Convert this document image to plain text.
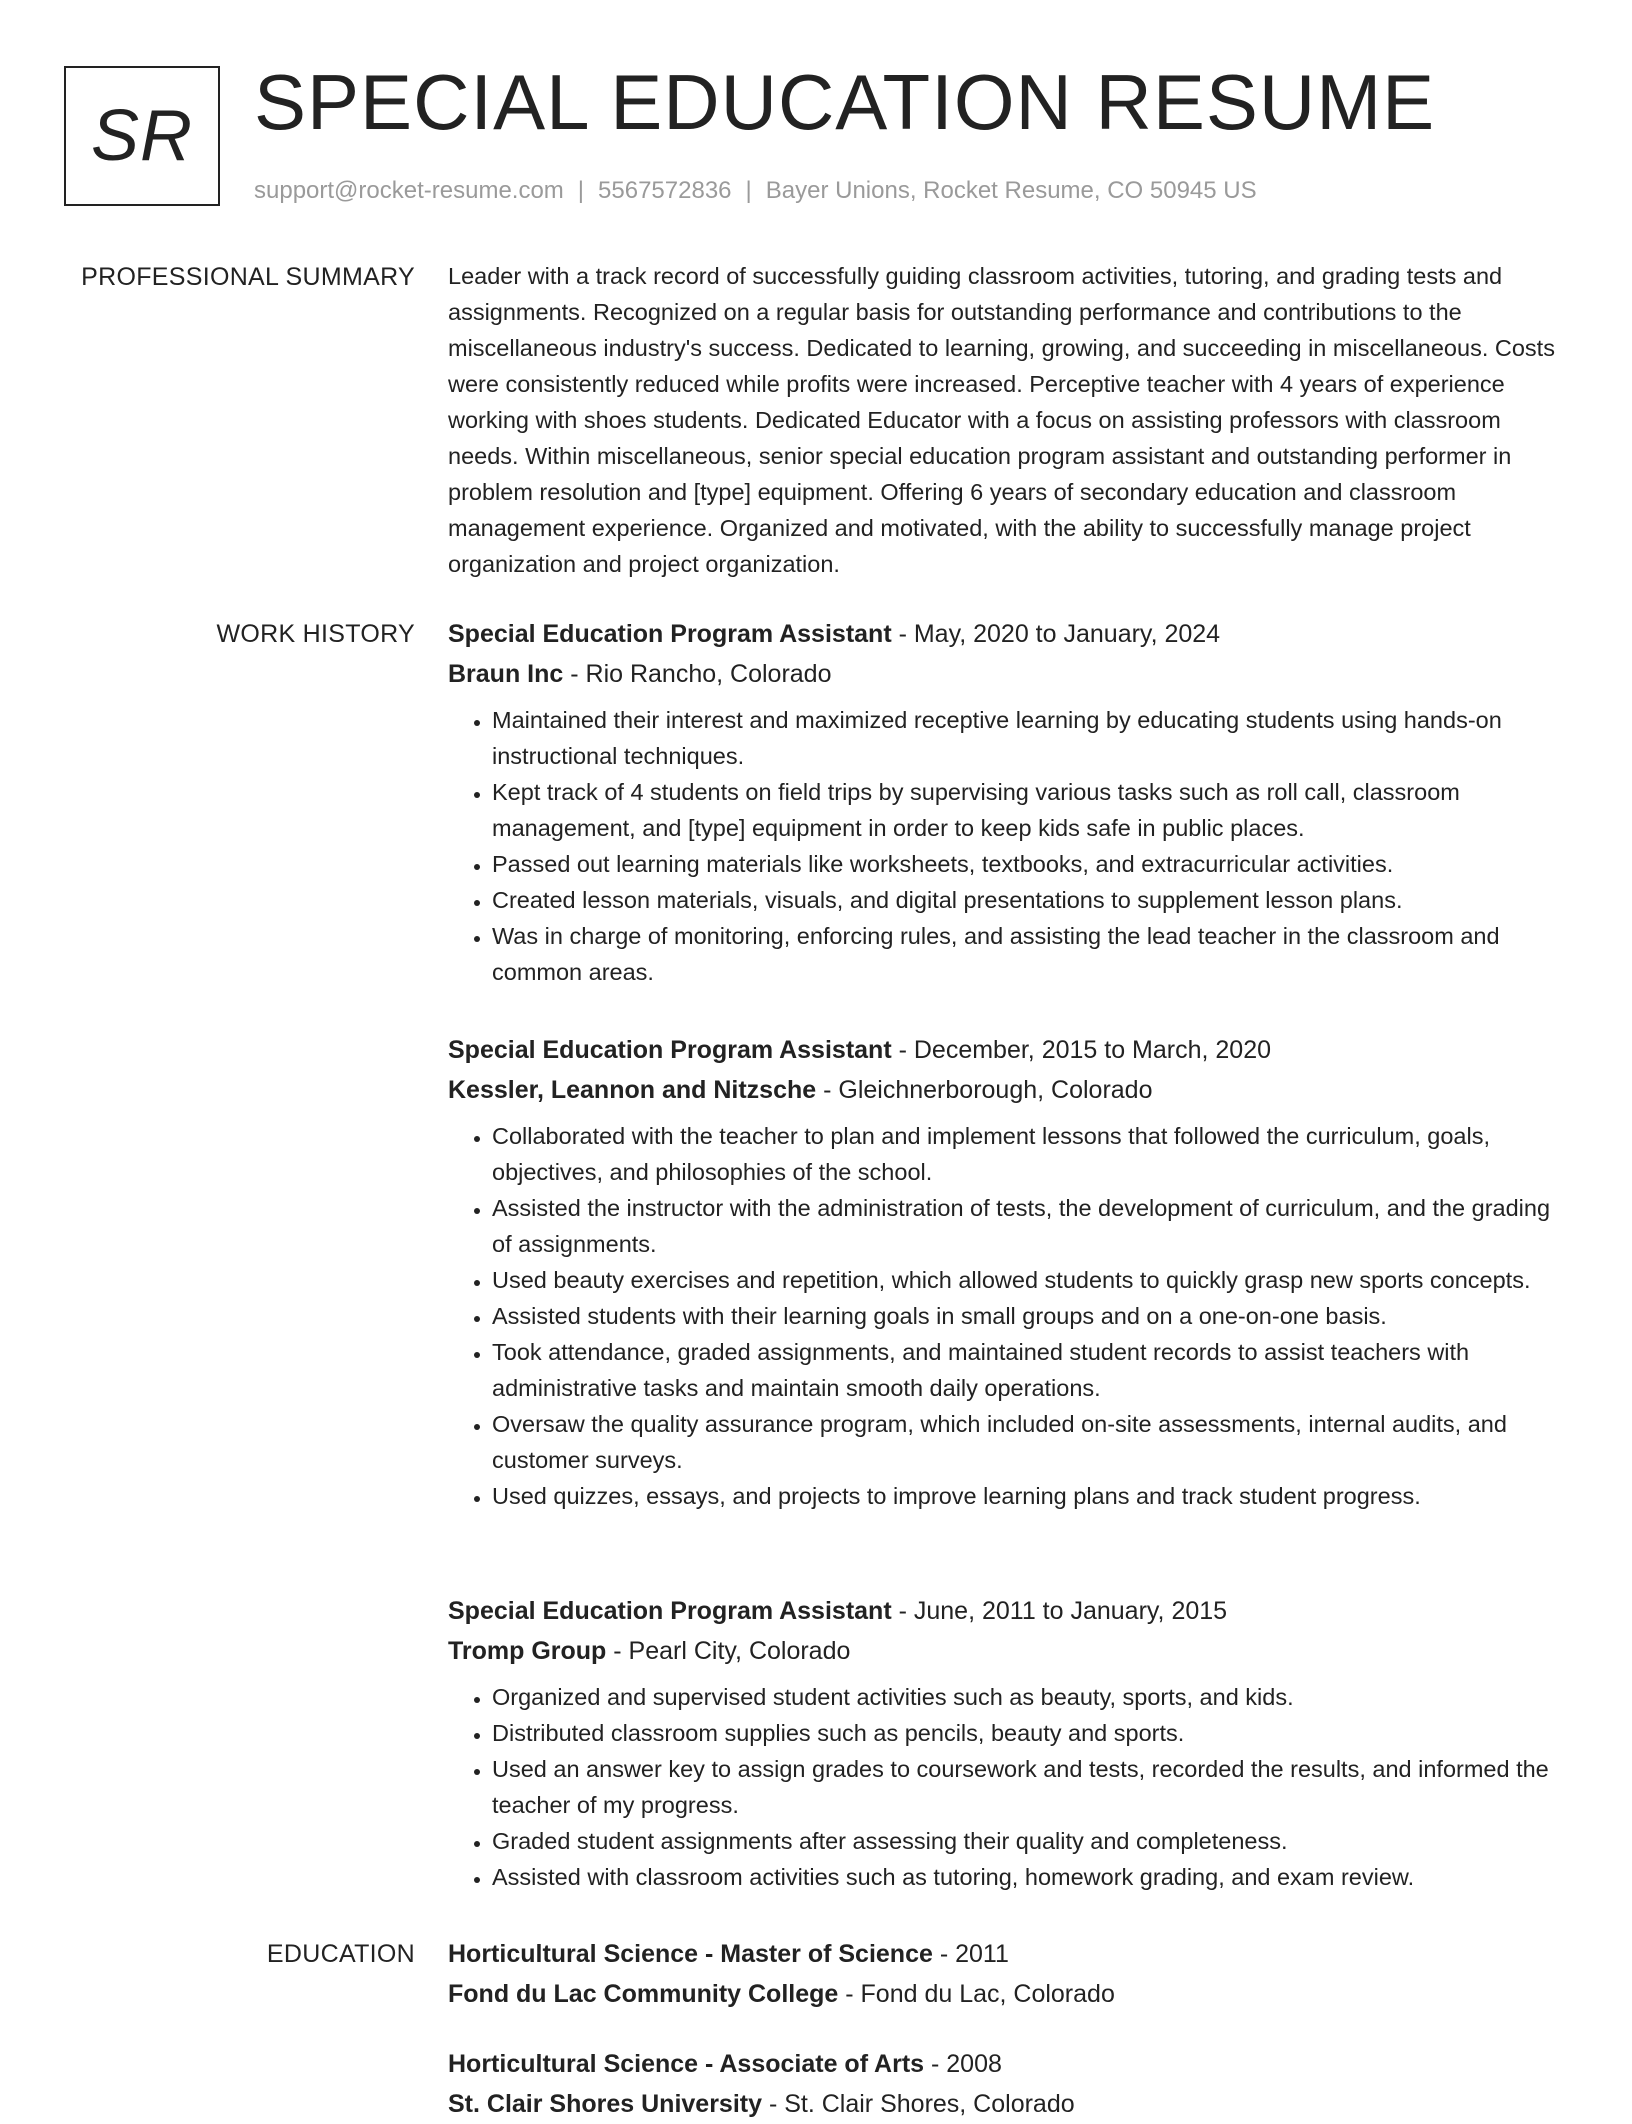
SR SPECIAL EDUCATION RESUME
support@rocket-resume.com | 5567572836 | Bayer Unions, Rocket Resume, CO 50945 US
PROFESSIONAL SUMMARY Leader with a track record of successfully guiding classroom activities, tutoring, and grading tests and assignments. Recognized on a regular basis for outstanding performance and contributions to the miscellaneous industry's success. Dedicated to learning, growing, and succeeding in miscellaneous. Costs were consistently reduced while profits were increased. Perceptive teacher with 4 years of experience working with shoes students. Dedicated Educator with a focus on assisting professors with classroom needs. Within miscellaneous, senior special education program assistant and outstanding performer in problem resolution and [type] equipment. Offering 6 years of secondary education and classroom management experience. Organized and motivated, with the ability to successfully manage project organization and project organization.

WORK HISTORY Special Education Program Assistant - May, 2020 to January, 2024
Braun Inc - Rio Rancho, Colorado
• Maintained their interest and maximized receptive learning by educating students using hands-on instructional techniques.
• Kept track of 4 students on field trips by supervising various tasks such as roll call, classroom management, and [type] equipment in order to keep kids safe in public places.
• Passed out learning materials like worksheets, textbooks, and extracurricular activities.
• Created lesson materials, visuals, and digital presentations to supplement lesson plans.
• Was in charge of monitoring, enforcing rules, and assisting the lead teacher in the classroom and common areas.
Special Education Program Assistant - December, 2015 to March, 2020
Kessler, Leannon and Nitzsche - Gleichnerborough, Colorado
• Collaborated with the teacher to plan and implement lessons that followed the curriculum, goals, objectives, and philosophies of the school.
• Assisted the instructor with the administration of tests, the development of curriculum, and the grading of assignments.
• Used beauty exercises and repetition, which allowed students to quickly grasp new sports concepts.
• Assisted students with their learning goals in small groups and on a one-on-one basis.
• Took attendance, graded assignments, and maintained student records to assist teachers with administrative tasks and maintain smooth daily operations.
• Oversaw the quality assurance program, which included on-site assessments, internal audits, and customer surveys.
• Used quizzes, essays, and projects to improve learning plans and track student progress.
Special Education Program Assistant - June, 2011 to January, 2015
Tromp Group - Pearl City, Colorado
• Organized and supervised student activities such as beauty, sports, and kids.
• Distributed classroom supplies such as pencils, beauty and sports.
• Used an answer key to assign grades to coursework and tests, recorded the results, and informed the teacher of my progress.
• Graded student assignments after assessing their quality and completeness.
• Assisted with classroom activities such as tutoring, homework grading, and exam review.
EDUCATION Horticultural Science - Master of Science - 2011
Fond du Lac Community College - Fond du Lac, Colorado
Horticultural Science - Associate of Arts - 2008
St. Clair Shores University - St. Clair Shores, Colorado
